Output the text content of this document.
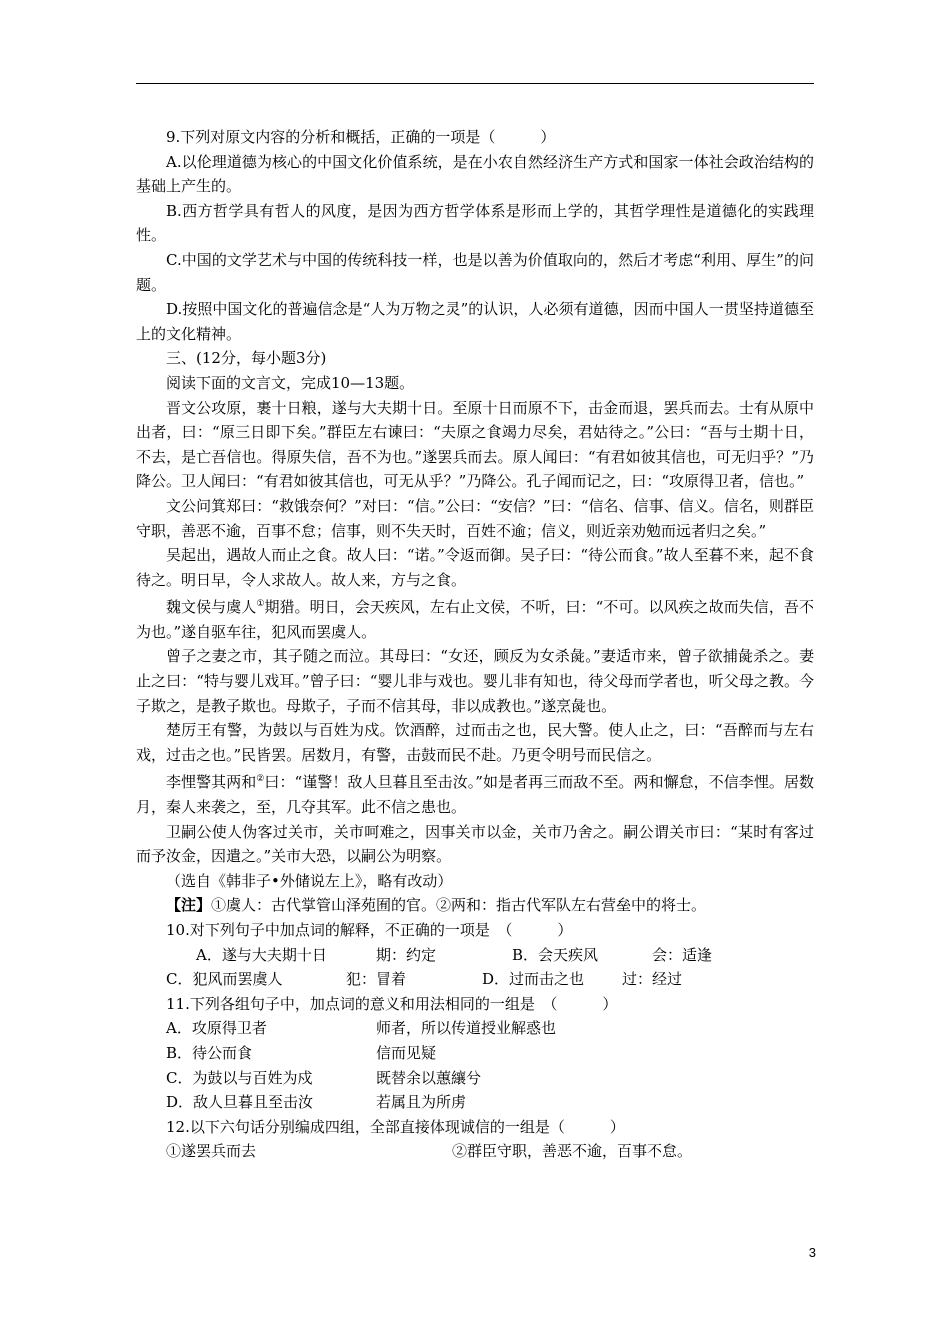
9.下列对原文内容的分析和概括，正确的一项是（　　　）

A.以伦理道德为核心的中国文化价值系统，是在小农自然经济生产方式和国家一体社会政治结构的基础上产生的。

B.西方哲学具有哲人的风度，是因为西方哲学体系是形而上学的，其哲学理性是道德化的实践理性。

C.中国的文学艺术与中国的传统科技一样，也是以善为价值取向的，然后才考虑“利用、厚生”的问题。

D.按照中国文化的普遍信念是“人为万物之灵”的认识，人必须有道德，因而中国人一贯坚持道德至上的文化精神。

三、(12分，每小题3分)

阅读下面的文言文，完成10—13题。

晋文公攻原，裹十日粮，遂与大夫期十日。至原十日而原不下，击金而退，罢兵而去。士有从原中出者，曰：“原三日即下矣。”群臣左右谏曰：“夫原之食竭力尽矣，君姑待之。”公曰：“吾与士期十日，不去，是亡吾信也。得原失信，吾不为也。”遂罢兵而去。原人闻曰：“有君如彼其信也，可无归乎？”乃降公。卫人闻曰：“有君如彼其信也，可无从乎？”乃降公。孔子闻而记之，曰：“攻原得卫者，信也。”

文公问箕郑曰：“救饿奈何？”对曰：“信。”公曰：“安信？”曰：“信名、信事、信义。信名，则群臣守职，善恶不逾，百事不怠；信事，则不失天时，百姓不逾；信义，则近亲劝勉而远者归之矣。”

吴起出，遇故人而止之食。故人曰：“诺。”令返而御。吴子曰：“待公而食。”故人至暮不来，起不食待之。明日早，令人求故人。故人来，方与之食。

魏文侯与虞人①期猎。明日，会天疾风，左右止文侯，不听，曰：“不可。以风疾之故而失信，吾不为也。”遂自驱车往，犯风而罢虞人。

曾子之妻之市，其子随之而泣。其母曰：“女还，顾反为女杀彘。”妻适市来，曾子欲捕彘杀之。妻止之曰：“特与婴儿戏耳。”曾子曰：“婴儿非与戏也。婴儿非有知也，待父母而学者也，听父母之教。今子欺之，是教子欺也。母欺子，子而不信其母，非以成教也。”遂烹彘也。

楚厉王有警，为鼓以与百姓为戍。饮酒醉，过而击之也，民大警。使人止之，曰：“吾醉而与左右戏，过击之也。”民皆罢。居数月，有警，击鼓而民不赴。乃更令明号而民信之。

李悝警其两和②曰：“谨警！敌人旦暮且至击汝。”如是者再三而敌不至。两和懈怠，不信李悝。居数月，秦人来袭之，至，几夺其军。此不信之患也。

卫嗣公使人伪客过关市，关市呵难之，因事关市以金，关市乃舍之。嗣公谓关市曰：“某时有客过而予汝金，因遣之。”关市大恐，以嗣公为明察。

（选自《韩非子•外储说左上》，略有改动）

【注】①虞人：古代掌管山泽苑囿的官。②两和：指古代军队左右营垒中的将士。

10.对下列句子中加点词的解释，不正确的一项是　（　　　）

A．遂与大夫期十日	期：约定	B．会天疾风	会：适逢
C．犯风而罢虞人	犯：冒着	D．过而击之也	过：经过

11.下列各组句子中，加点词的意义和用法相同的一组是　（　　　）

A．攻原得卫者	师者，所以传道授业解惑也
B．待公而食	信而见疑
C．为鼓以与百姓为戍	既替余以蕙纕兮
D．敌人旦暮且至击汝	若属且为所虏

12.以下六句话分别编成四组，全部直接体现诚信的一组是（　　　）

①遂罢兵而去	②群臣守职，善恶不逾，百事不怠。
3
